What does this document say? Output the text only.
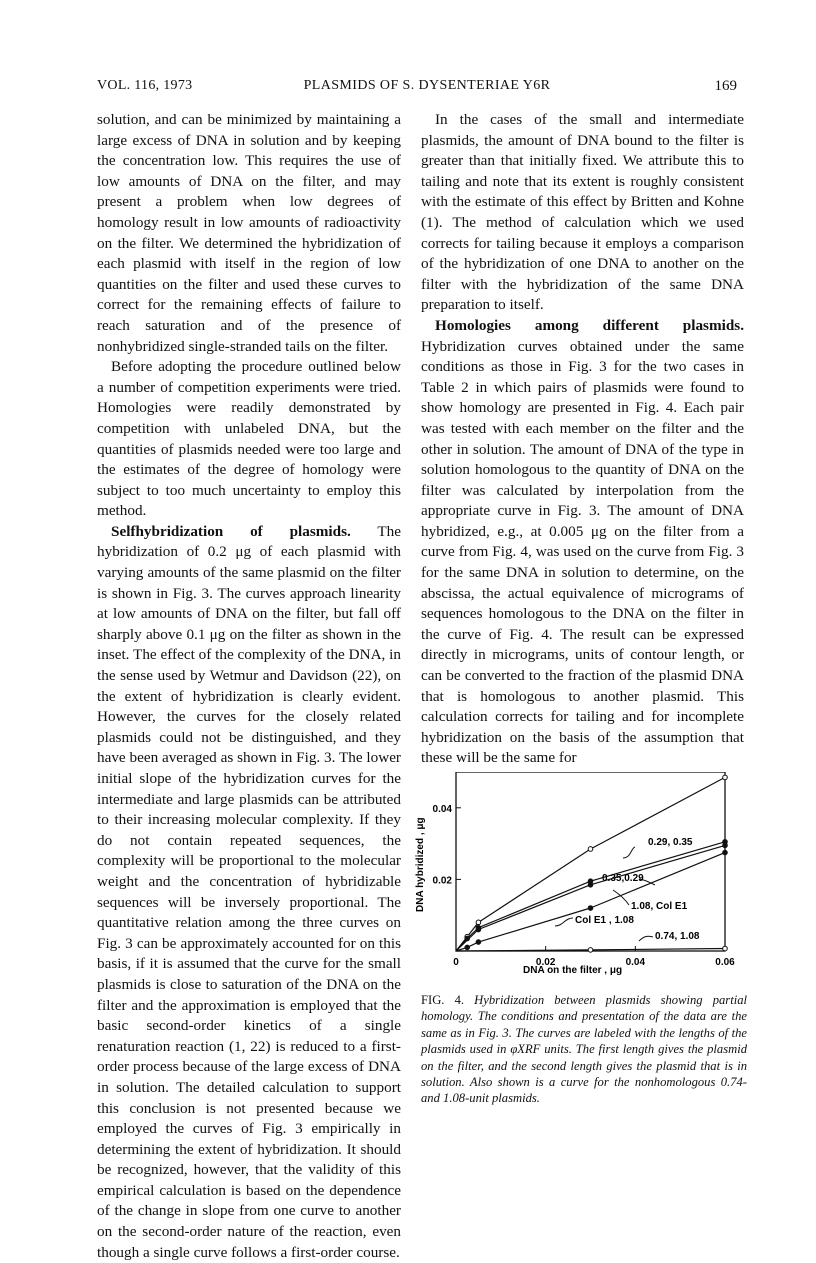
VOL. 116, 1973	PLASMIDS OF S. DYSENTERIAE Y6R	169

solution, and can be minimized by maintaining a large excess of DNA in solution and by keeping the concentration low. This requires the use of low amounts of DNA on the filter, and may present a problem when low degrees of homology result in low amounts of radioactivity on the filter. We determined the hybridization of each plasmid with itself in the region of low quantities on the filter and used these curves to correct for the remaining effects of failure to reach saturation and of the presence of nonhybridized single-stranded tails on the filter.

Before adopting the procedure outlined below a number of competition experiments were tried. Homologies were readily demonstrated by competition with unlabeled DNA, but the quantities of plasmids needed were too large and the estimates of the degree of homology were subject to too much uncertainty to employ this method.

Selfhybridization of plasmids. The hybridization of 0.2 μg of each plasmid with varying amounts of the same plasmid on the filter is shown in Fig. 3. The curves approach linearity at low amounts of DNA on the filter, but fall off sharply above 0.1 μg on the filter as shown in the inset. The effect of the complexity of the DNA, in the sense used by Wetmur and Davidson (22), on the extent of hybridization is clearly evident. However, the curves for the closely related plasmids could not be distinguished, and they have been averaged as shown in Fig. 3. The lower initial slope of the hybridization curves for the intermediate and large plasmids can be attributed to their increasing molecular complexity. If they do not contain repeated sequences, the complexity will be proportional to the molecular weight and the concentration of hybridizable sequences will be inversely proportional. The quantitative relation among the three curves on Fig. 3 can be approximately accounted for on this basis, if it is assumed that the curve for the small plasmids is close to saturation of the DNA on the filter and the approximation is employed that the basic second-order kinetics of a single renaturation reaction (1, 22) is reduced to a first-order process because of the large excess of DNA in solution. The detailed calculation to support this conclusion is not presented because we employed the curves of Fig. 3 empirically in determining the extent of hybridization. It should be recognized, however, that the validity of this empirical calculation is based on the dependence of the change in slope from one curve to another on the second-order nature of the reaction, even though a single curve follows a first-order course.

In the cases of the small and intermediate plasmids, the amount of DNA bound to the filter is greater than that initially fixed. We attribute this to tailing and note that its extent is roughly consistent with the estimate of this effect by Britten and Kohne (1). The method of calculation which we used corrects for tailing because it employs a comparison of the hybridization of one DNA to another on the filter with the hybridization of the same DNA preparation to itself.

Homologies among different plasmids. Hybridization curves obtained under the same conditions as those in Fig. 3 for the two cases in Table 2 in which pairs of plasmids were found to show homology are presented in Fig. 4. Each pair was tested with each member on the filter and the other in solution. The amount of DNA of the type in solution homologous to the quantity of DNA on the filter was calculated by interpolation from the appropriate curve in Fig. 3. The amount of DNA hybridized, e.g., at 0.005 μg on the filter from a curve from Fig. 4, was used on the curve from Fig. 3 for the same DNA in solution to determine, on the abscissa, the actual equivalence of micrograms of sequences homologous to the DNA on the filter in the curve of Fig. 4. The result can be expressed directly in micrograms, units of contour length, or can be converted to the fraction of the plasmid DNA that is homologous to another plasmid. This calculation corrects for tailing and for incomplete hybridization on the basis of the assumption that these will be the same for

0	0.02	0.04	0.06
0.02
0.04
0.29, 0.35
0.35,0.29
1.08, Col E1
Col E1 , 1.08
0.74, 1.08
DNA on the filter , μg
DNA hybridized , μg
FIG. 4. Hybridization between plasmids showing partial homology. The conditions and presentation of the data are the same as in Fig. 3. The curves are labeled with the lengths of the plasmids used in φXRF units. The first length gives the plasmid on the filter, and the second length gives the plasmid that is in solution. Also shown is a curve for the nonhomologous 0.74- and 1.08-unit plasmids.
